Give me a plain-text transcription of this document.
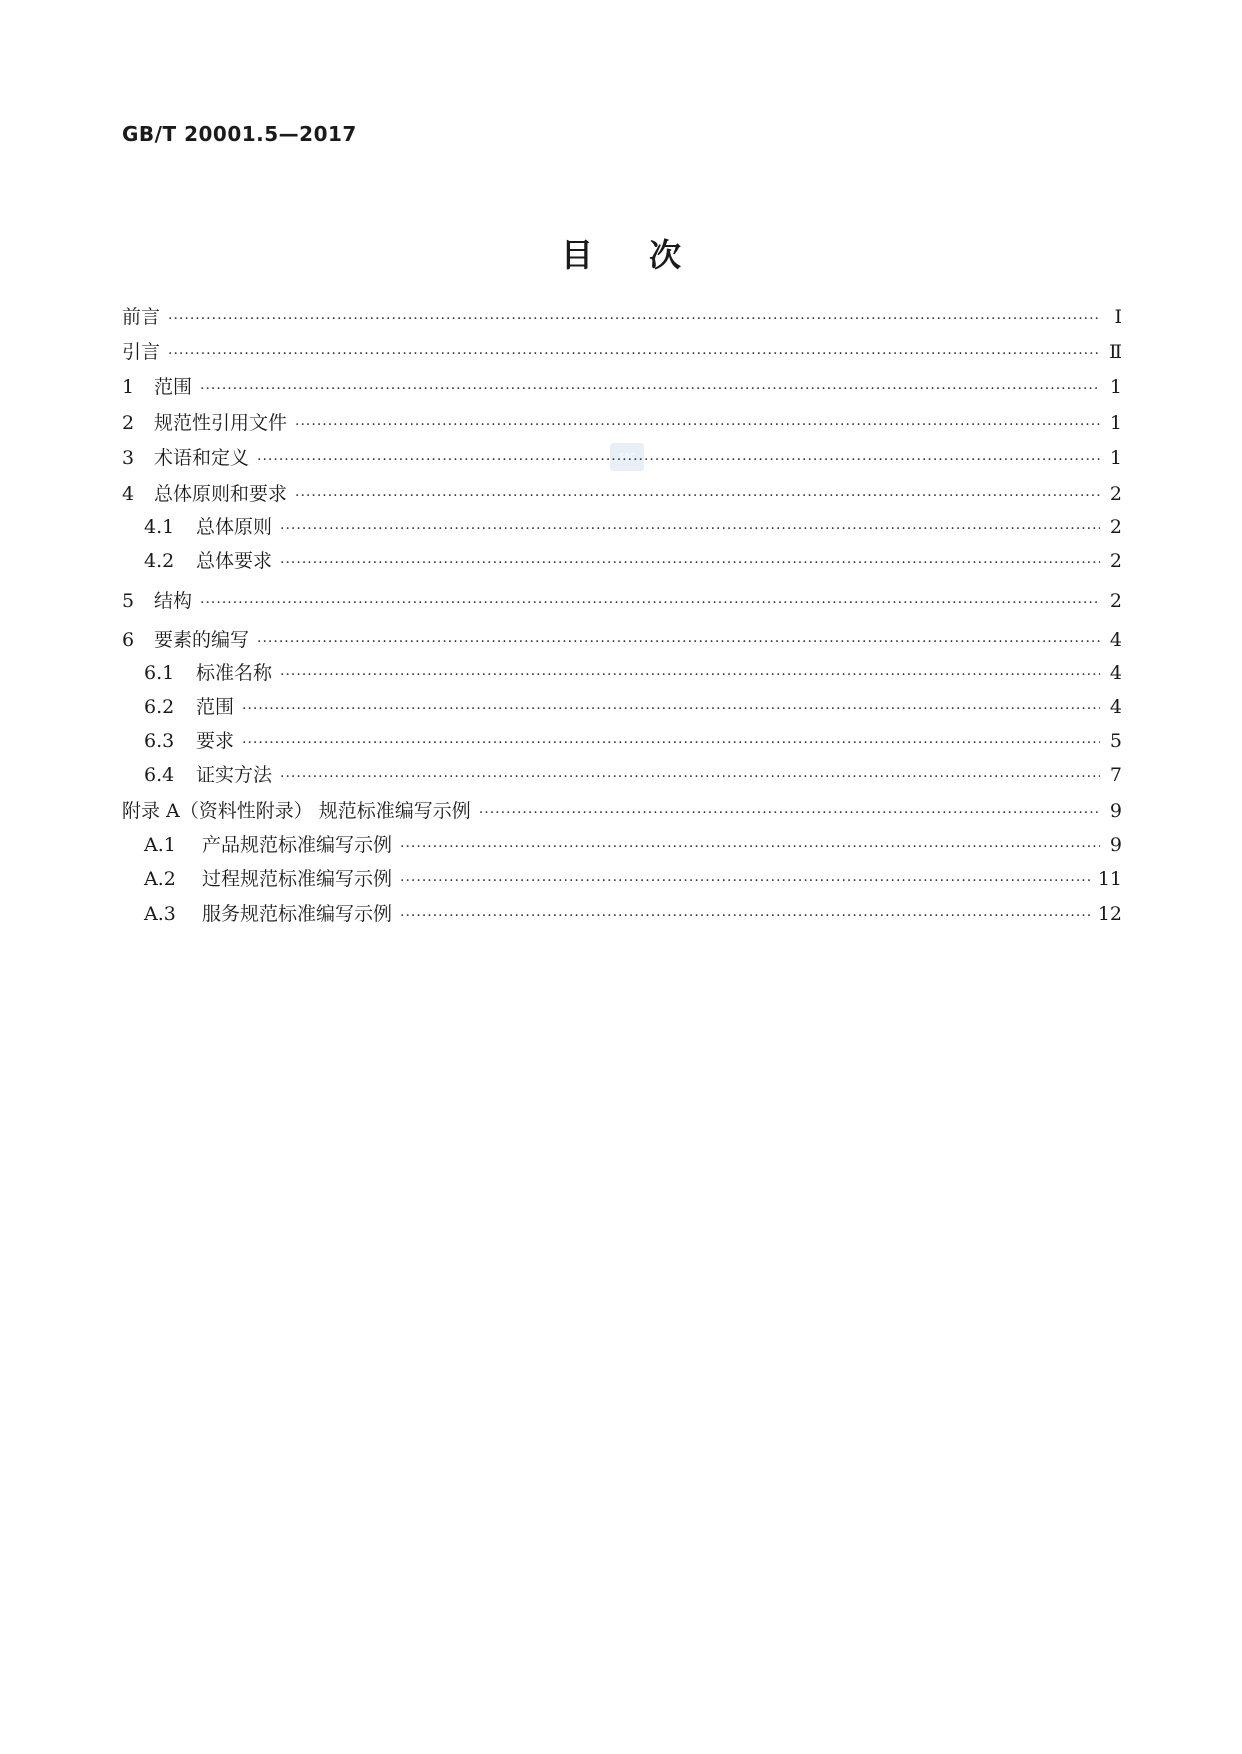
GB/T 20001.5—2017
目次
SAC
前言 ·····	Ⅰ
引言 ·····	Ⅱ
1	范围 ·····	1
2	规范性引用文件 ·····	1
3	术语和定义 ·····	1
4	总体原则和要求 ·····	2
4.1	总体原则 ·····	2
4.2	总体要求 ·····	2
5	结构 ·····	2
6	要素的编写 ·····	4
6.1	标准名称 ·····	4
6.2	范围 ·····	4
6.3	要求 ·····	5
6.4	证实方法 ·····	7
附录 A（资料性附录） 规范标准编写示例 ·····	9
A.1	产品规范标准编写示例 ·····	9
A.2	过程规范标准编写示例 ·····	11
A.3	服务规范标准编写示例 ·····	12
